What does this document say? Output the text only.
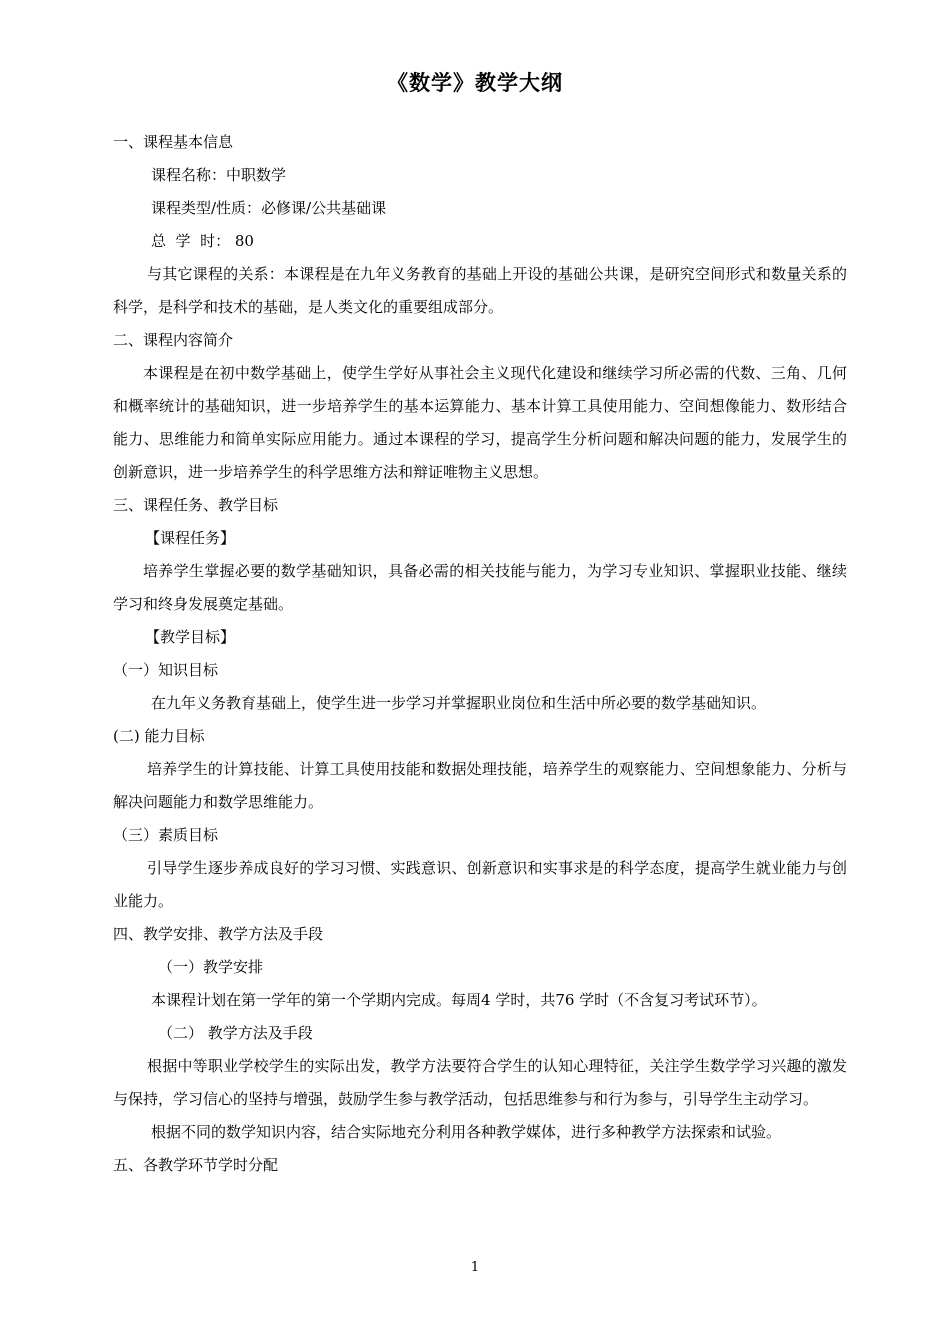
《数学》教学大纲

一、课程基本信息

课程名称：中职数学

课程类型/性质：必修课/公共基础课

总  学  时： 80

与其它课程的关系：本课程是在九年义务教育的基础上开设的基础公共课，是研究空间形式和数量关系的科学，是科学和技术的基础，是人类文化的重要组成部分。

二、课程内容简介

本课程是在初中数学基础上，使学生学好从事社会主义现代化建设和继续学习所必需的代数、三角、几何和概率统计的基础知识，进一步培养学生的基本运算能力、基本计算工具使用能力、空间想像能力、数形结合能力、思维能力和简单实际应用能力。通过本课程的学习，提高学生分析问题和解决问题的能力，发展学生的创新意识，进一步培养学生的科学思维方法和辩证唯物主义思想。

三、课程任务、教学目标

【课程任务】

培养学生掌握必要的数学基础知识，具备必需的相关技能与能力，为学习专业知识、掌握职业技能、继续学习和终身发展奠定基础。

【教学目标】

（一）知识目标

在九年义务教育基础上，使学生进一步学习并掌握职业岗位和生活中所必要的数学基础知识。

(二) 能力目标

培养学生的计算技能、计算工具使用技能和数据处理技能，培养学生的观察能力、空间想象能力、分析与解决问题能力和数学思维能力。

（三）素质目标

引导学生逐步养成良好的学习习惯、实践意识、创新意识和实事求是的科学态度，提高学生就业能力与创业能力。

四、教学安排、教学方法及手段

（一）教学安排

本课程计划在第一学年的第一个学期内完成。每周4 学时，共76 学时（不含复习考试环节）。

（二） 教学方法及手段

根据中等职业学校学生的实际出发，教学方法要符合学生的认知心理特征，关注学生数学学习兴趣的激发与保持，学习信心的坚持与增强，鼓励学生参与教学活动，包括思维参与和行为参与，引导学生主动学习。

根据不同的数学知识内容，结合实际地充分利用各种教学媒体，进行多种教学方法探索和试验。

五、各教学环节学时分配

1
